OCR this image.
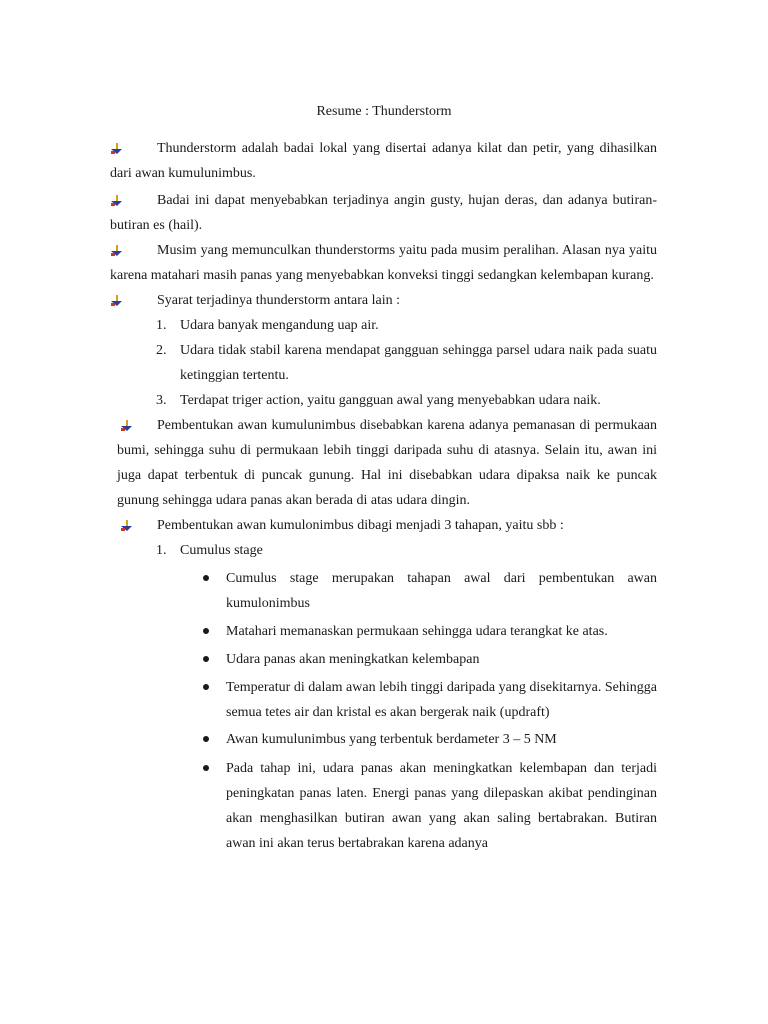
Resume : Thunderstorm
Thunderstorm adalah badai lokal yang disertai adanya kilat dan petir, yang dihasilkan dari awan kumulunimbus.
Badai ini dapat menyebabkan terjadinya angin gusty, hujan deras, dan adanya butiran-butiran es (hail).
Musim yang memunculkan thunderstorms yaitu pada musim peralihan. Alasan nya yaitu karena matahari masih panas yang menyebabkan konveksi tinggi sedangkan kelembapan kurang.
Syarat terjadinya thunderstorm antara lain :
1. Udara banyak mengandung uap air.
2. Udara tidak stabil karena mendapat gangguan sehingga parsel udara naik pada suatu ketinggian tertentu.
3. Terdapat triger action, yaitu gangguan awal yang menyebabkan udara naik.
Pembentukan awan kumulunimbus disebabkan karena adanya pemanasan di permukaan bumi, sehingga suhu di permukaan lebih tinggi daripada suhu di atasnya. Selain itu, awan ini juga dapat terbentuk di puncak gunung. Hal ini disebabkan udara dipaksa naik ke puncak gunung sehingga udara panas akan berada di atas udara dingin.
Pembentukan awan kumulonimbus dibagi menjadi 3 tahapan, yaitu sbb :
1. Cumulus stage
Cumulus stage merupakan tahapan awal dari pembentukan awan kumulonimbus
Matahari memanaskan permukaan sehingga udara terangkat ke atas.
Udara panas akan meningkatkan kelembapan
Temperatur di dalam awan lebih tinggi daripada yang disekitarnya. Sehingga semua tetes air dan kristal es akan bergerak naik (updraft)
Awan kumulunimbus yang terbentuk berdameter 3 – 5 NM
Pada tahap ini, udara panas akan meningkatkan kelembapan dan terjadi peningkatan panas laten. Energi panas yang dilepaskan akibat pendinginan akan menghasilkan butiran awan yang akan saling bertabrakan. Butiran awan ini akan terus bertabrakan karena adanya
